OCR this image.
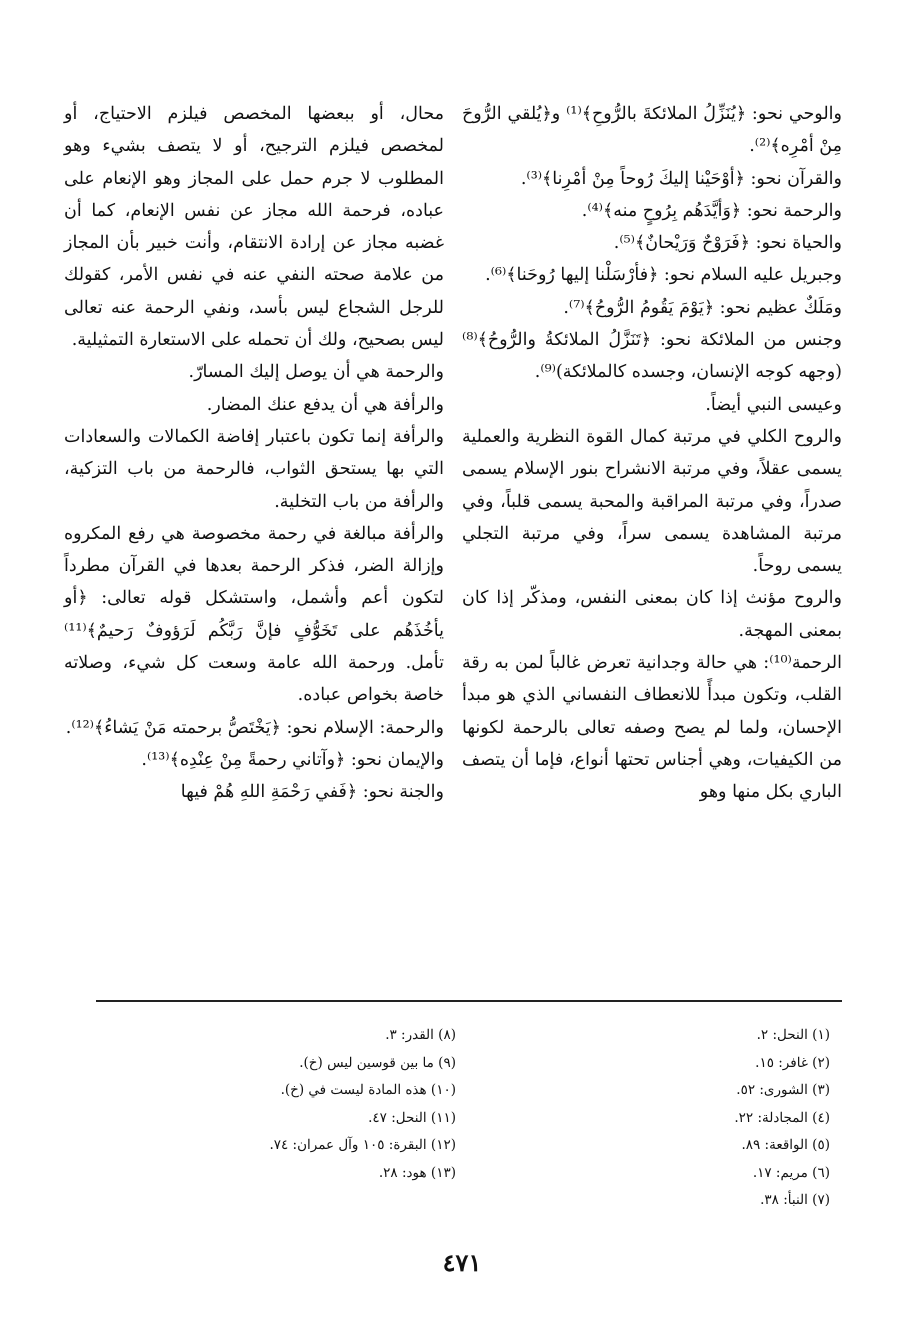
والوحي نحو: ﴿يُنَزِّلُ الملائكةَ بالرُّوحِ﴾⁽¹⁾ و﴿يُلقي الرُّوحَ مِنْ أمْرِه﴾⁽²⁾.

والقرآن نحو: ﴿أوْحَيْنا إليكَ رُوحاً مِنْ أمْرِنا﴾⁽³⁾.

والرحمة نحو: ﴿وَأيَّدَهُم بِرُوحٍ منه﴾⁽⁴⁾.

والحياة نحو: ﴿فَرَوْحٌ وَرَيْحانٌ﴾⁽⁵⁾.

وجبريل عليه السلام نحو: ﴿فأرْسَلْنا إليها رُوحَنا﴾⁽⁶⁾.

ومَلَكٌ عظيم نحو: ﴿يَوْمَ يَقُومُ الرُّوحُ﴾⁽⁷⁾.

وجنس من الملائكة نحو: ﴿تَنَزَّلُ الملائكةُ والرُّوحُ﴾⁽⁸⁾ (وجهه كوجه الإنسان، وجسده كالملائكة)⁽⁹⁾.

وعيسى النبي أيضاً.

والروح الكلي في مرتبة كمال القوة النظرية والعملية يسمى عقلاً، وفي مرتبة الانشراح بنور الإسلام يسمى صدراً، وفي مرتبة المراقبة والمحبة يسمى قلباً، وفي مرتبة المشاهدة يسمى سراً، وفي مرتبة التجلي يسمى روحاً.

والروح مؤنث إذا كان بمعنى النفس، ومذكّر إذا كان بمعنى المهجة.

الرحمة⁽¹⁰⁾: هي حالة وجدانية تعرض غالباً لمن به رقة القلب، وتكون مبدأً للانعطاف النفساني الذي هو مبدأ الإحسان، ولما لم يصح وصفه تعالى بالرحمة لكونها من الكيفيات، وهي أجناس تحتها أنواع، فإما أن يتصف الباري بكل منها وهو

محال، أو ببعضها المخصص فيلزم الاحتياج، أو لمخصص فيلزم الترجيح، أو لا يتصف بشيء وهو المطلوب لا جرم حمل على المجاز وهو الإنعام على عباده، فرحمة الله مجاز عن نفس الإنعام، كما أن غضبه مجاز عن إرادة الانتقام، وأنت خبير بأن المجاز من علامة صحته النفي عنه في نفس الأمر، كقولك للرجل الشجاع ليس بأسد، ونفي الرحمة عنه تعالى ليس بصحيح، ولك أن تحمله على الاستعارة التمثيلية.

والرحمة هي أن يوصل إليك المسارّ.

والرأفة هي أن يدفع عنك المضار.

والرأفة إنما تكون باعتبار إفاضة الكمالات والسعادات التي بها يستحق الثواب، فالرحمة من باب التزكية، والرأفة من باب التخلية.

والرأفة مبالغة في رحمة مخصوصة هي رفع المكروه وإزالة الضر، فذكر الرحمة بعدها في القرآن مطرداً لتكون أعم وأشمل، واستشكل قوله تعالى: ﴿أو يأخُذَهُم على تَخَوُّفٍ فإنَّ رَبَّكُم لَرَؤوفٌ رَحيمٌ﴾⁽¹¹⁾ تأمل. ورحمة الله عامة وسعت كل شيء، وصلاته خاصة بخواص عباده.

والرحمة: الإسلام نحو: ﴿يَخْتَصُّ برحمته مَنْ يَشاءُ﴾⁽¹²⁾.

والإيمان نحو: ﴿وآتاني رحمةً مِنْ عِنْدِه﴾⁽¹³⁾.

والجنة نحو: ﴿فَفي رَحْمَةِ اللهِ هُمْ فيها

(١) النحل: ٢.
(٢) غافر: ١٥.
(٣) الشورى: ٥٢.
(٤) المجادلة: ٢٢.
(٥) الواقعة: ٨٩.
(٦) مريم: ١٧.
(٧) النبأ: ٣٨.
(٨) القدر: ٣.
(٩) ما بين قوسين ليس (خ).
(١٠) هذه المادة ليست في (خ).
(١١) النحل: ٤٧.
(١٢) البقرة: ١٠٥ وآل عمران: ٧٤.
(١٣) هود: ٢٨.
٤٧١
